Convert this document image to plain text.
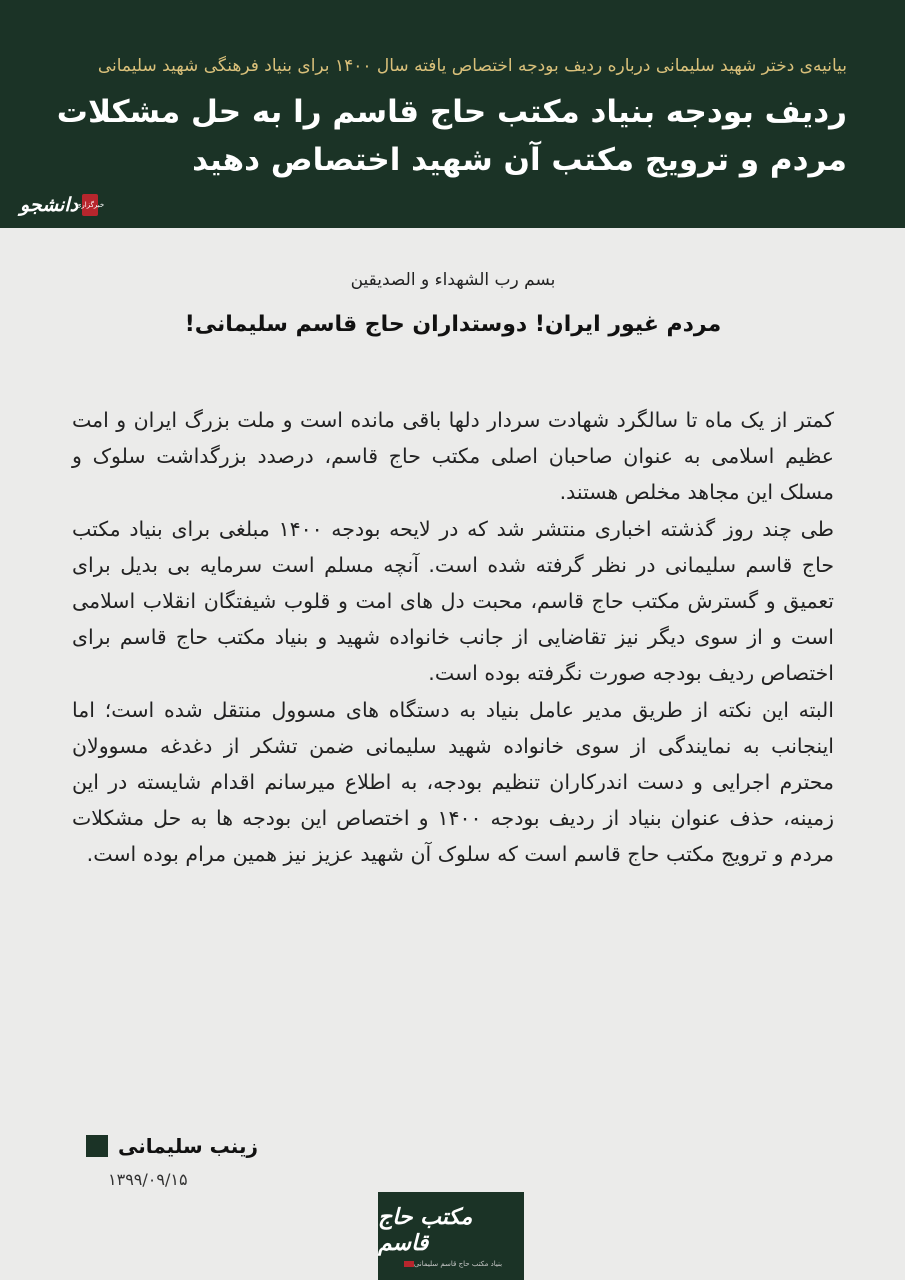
بیانیه‌ی دختر شهید سلیمانی درباره ردیف بودجه اختصاص یافته سال ۱۴۰۰ برای بنیاد فرهنگی شهید سلیمانی
ردیف بودجه بنیاد مکتب حاج قاسم را به حل مشکلات مردم و ترویج مکتب آن شهید اختصاص دهید
خبرگزاری
دانشجو
بسم رب الشهداء و الصدیقین
مردم غیور ایران! دوستداران حاج قاسم سلیمانی!

کمتر از یک ماه تا سالگرد شهادت سردار دلها باقی مانده است و ملت بزرگ ایران و امت عظیم اسلامی به عنوان صاحبان اصلی مکتب حاج قاسم، درصدد بزرگداشت سلوک و مسلک این مجاهد مخلص هستند.

طی چند روز گذشته اخباری منتشر شد که در لایحه بودجه ۱۴۰۰ مبلغی برای بنیاد مکتب حاج قاسم سلیمانی در نظر گرفته شده است. آنچه مسلم است سرمایه بی بدیل برای تعمیق و گسترش مکتب حاج قاسم، محبت دل های امت و قلوب شیفتگان انقلاب اسلامی است و از سوی دیگر نیز تقاضایی از جانب خانواده شهید و بنیاد مکتب حاج قاسم برای اختصاص ردیف بودجه صورت نگرفته بوده است.

البته این نکته از طریق مدیر عامل بنیاد به دستگاه های مسوول منتقل شده است؛ اما اینجانب به نمایندگی از سوی خانواده شهید سلیمانی ضمن تشکر از دغدغه مسوولان محترم اجرایی و دست اندرکاران تنظیم بودجه، به اطلاع میرسانم اقدام شایسته در این زمینه، حذف عنوان بنیاد از ردیف بودجه ۱۴۰۰ و اختصاص این بودجه ها به حل مشکلات مردم و ترویج مکتب حاج قاسم است که سلوک آن شهید عزیز نیز همین مرام بوده است.

زینب سلیمانی
۱۳۹۹/۰۹/۱۵
مکتب حاج قاسم
بنیاد مکتب حاج قاسم سلیمانی
